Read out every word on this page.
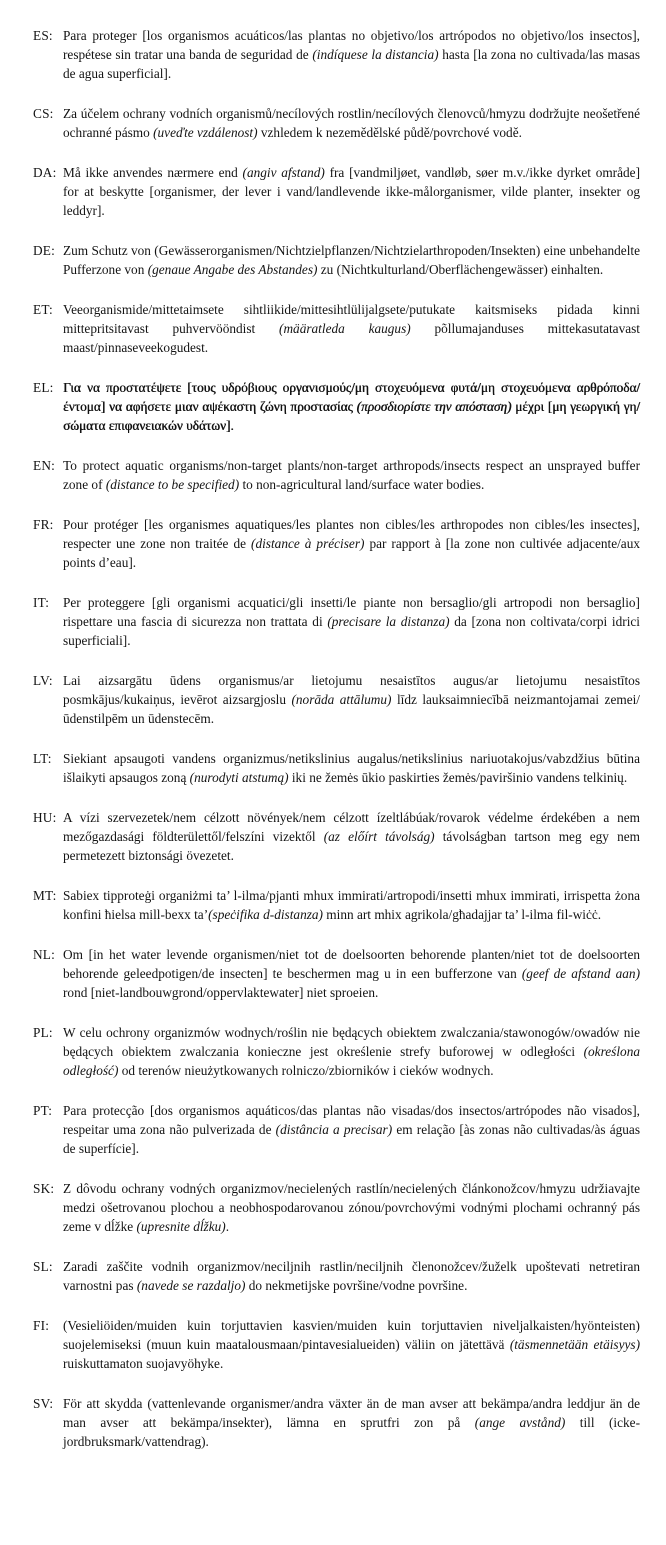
ES: Para proteger [los organismos acuáticos/las plantas no objetivo/los artrópodos no objetivo/los insectos], respétese sin tratar una banda de seguridad de (indíquese la distancia) hasta [la zona no cultivada/las masas de agua superficial].

CS: Za účelem ochrany vodních organismů/necílových rostlin/necílových členovců/hmyzu dodržujte neošetřené ochranné pásmo (uveďte vzdálenost) vzhledem k nezemědělské půdě/povrchové vodě.

DA: Må ikke anvendes nærmere end (angiv afstand) fra [vandmiljøet, vandløb, søer m.v./ikke dyrket område] for at beskytte [organismer, der lever i vand/landlevende ikke-målorganismer, vilde planter, insekter og leddyr].

DE: Zum Schutz von (Gewässerorganismen/Nichtzielpflanzen/Nichtzielarthropoden/Insekten) eine unbehandelte Pufferzone von (genaue Angabe des Abstandes) zu (Nichtkulturland/Oberflächengewässer) einhalten.

ET: Veeorganismide/mittetaimsete sihtliikide/mittesihtlülijalgsete/putukate kaitsmiseks pidada kinni mittepritsitavast puhvervööndist (määratleda kaugus) põllumajanduses mittekasutatavast maast/pinnaseveekogudest.

EL: Για να προστατέψετε [τους υδρόβιους οργανισμούς/μη στοχευόμενα φυτά/μη στοχευόμενα αρθρόποδα/έντομα] να αφήσετε μιαν αψέκαστη ζώνη προστασίας (προσδιορίστε την απόσταση) μέχρι [μη γεωργική γη/σώματα επιφανειακών υδάτων].

EN: To protect aquatic organisms/non-target plants/non-target arthropods/insects respect an unsprayed buffer zone of (distance to be specified) to non-agricultural land/surface water bodies.

FR: Pour protéger [les organismes aquatiques/les plantes non cibles/les arthropodes non cibles/les insectes], respecter une zone non traitée de (distance à préciser) par rapport à [la zone non cultivée adjacente/aux points d’eau].

IT:	Per proteggere [gli organismi acquatici/gli insetti/le piante non bersaglio/gli artropodi non bersaglio] rispettare una fascia di sicurezza non trattata di (precisare la distanza) da [zona non coltivata/corpi idrici superficiali].

LV: Lai aizsargātu ūdens organismus/ar lietojumu nesaistītos augus/ar lietojumu nesaistītos posmkājus/kukaiņus, ievērot aizsargjoslu (norāda attālumu) līdz lauksaimniecībā neizmantojamai zemei/ūdenstilpēm un ūdenstecēm.

LT: Siekiant apsaugoti vandens organizmus/netikslinius augalus/netikslinius nariuotakojus/vabzdžius būtina išlaikyti apsaugos zoną (nurodyti atstumą) iki ne žemės ūkio paskirties žemės/paviršinio vandens telkinių.

HU: A vízi szervezetek/nem célzott növények/nem célzott ízeltlábúak/rovarok védelme érdekében a nem mezőgazdasági földterülettől/felszíni vizektől (az előírt távolság) távolságban tartson meg egy nem permetezett biztonsági övezetet.

MT: Sabiex tipproteġi organiżmi ta’ l-ilma/pjanti mhux immirati/artropodi/insetti mhux immirati, irrispetta żona konfini ħielsa mill-bexx ta’(speċifika d-distanza) minn art mhix agrikola/għadajjar ta’ l-ilma fil-wiċċ.

NL: Om [in het water levende organismen/niet tot de doelsoorten behorende planten/niet tot de doelsoorten behorende geleedpotigen/de insecten] te beschermen mag u in een bufferzone van (geef de afstand aan) rond [niet-landbouwgrond/oppervlaktewater] niet sproeien.

PL: W celu ochrony organizmów wodnych/roślin nie będących obiektem zwalczania/stawonogów/owadów nie będących obiektem zwalczania konieczne jest określenie strefy buforowej w odległości (określona odległość) od terenów nieużytkowanych rolniczo/zbiorników i cieków wodnych.

PT: Para protecção [dos organismos aquáticos/das plantas não visadas/dos insectos/artrópodes não visados], respeitar uma zona não pulverizada de (distância a precisar) em relação [às zonas não cultivadas/às águas de superfície].

SK: Z dôvodu ochrany vodných organizmov/necielených rastlín/necielených článkonožcov/hmyzu udržiavajte medzi ošetrovanou plochou a neobhospodarovanou zónou/povrchovými vodnými plochami ochranný pás zeme v dĺžke (upresnite dĺžku).

SL: Zaradi zaščite vodnih organizmov/neciljnih rastlin/neciljnih členonožcev/žuželk upoštevati netretiran varnostni pas (navede se razdaljo) do nekmetijske površine/vodne površine.

FI:	(Vesieliöiden/muiden kuin torjuttavien kasvien/muiden kuin torjuttavien niveljalkaisten/hyönteisten) suojelemiseksi (muun kuin maatalousmaan/pintavesialueiden) väliin on jätettävä (täsmennetään etäisyys) ruiskuttamaton suojavyöhyke.

SV: För att skydda (vattenlevande organismer/andra växter än de man avser att bekämpa/andra leddjur än de man avser att bekämpa/insekter), lämna en sprutfri zon på (ange avstånd) till (icke-jordbruksmark/vattendrag).
